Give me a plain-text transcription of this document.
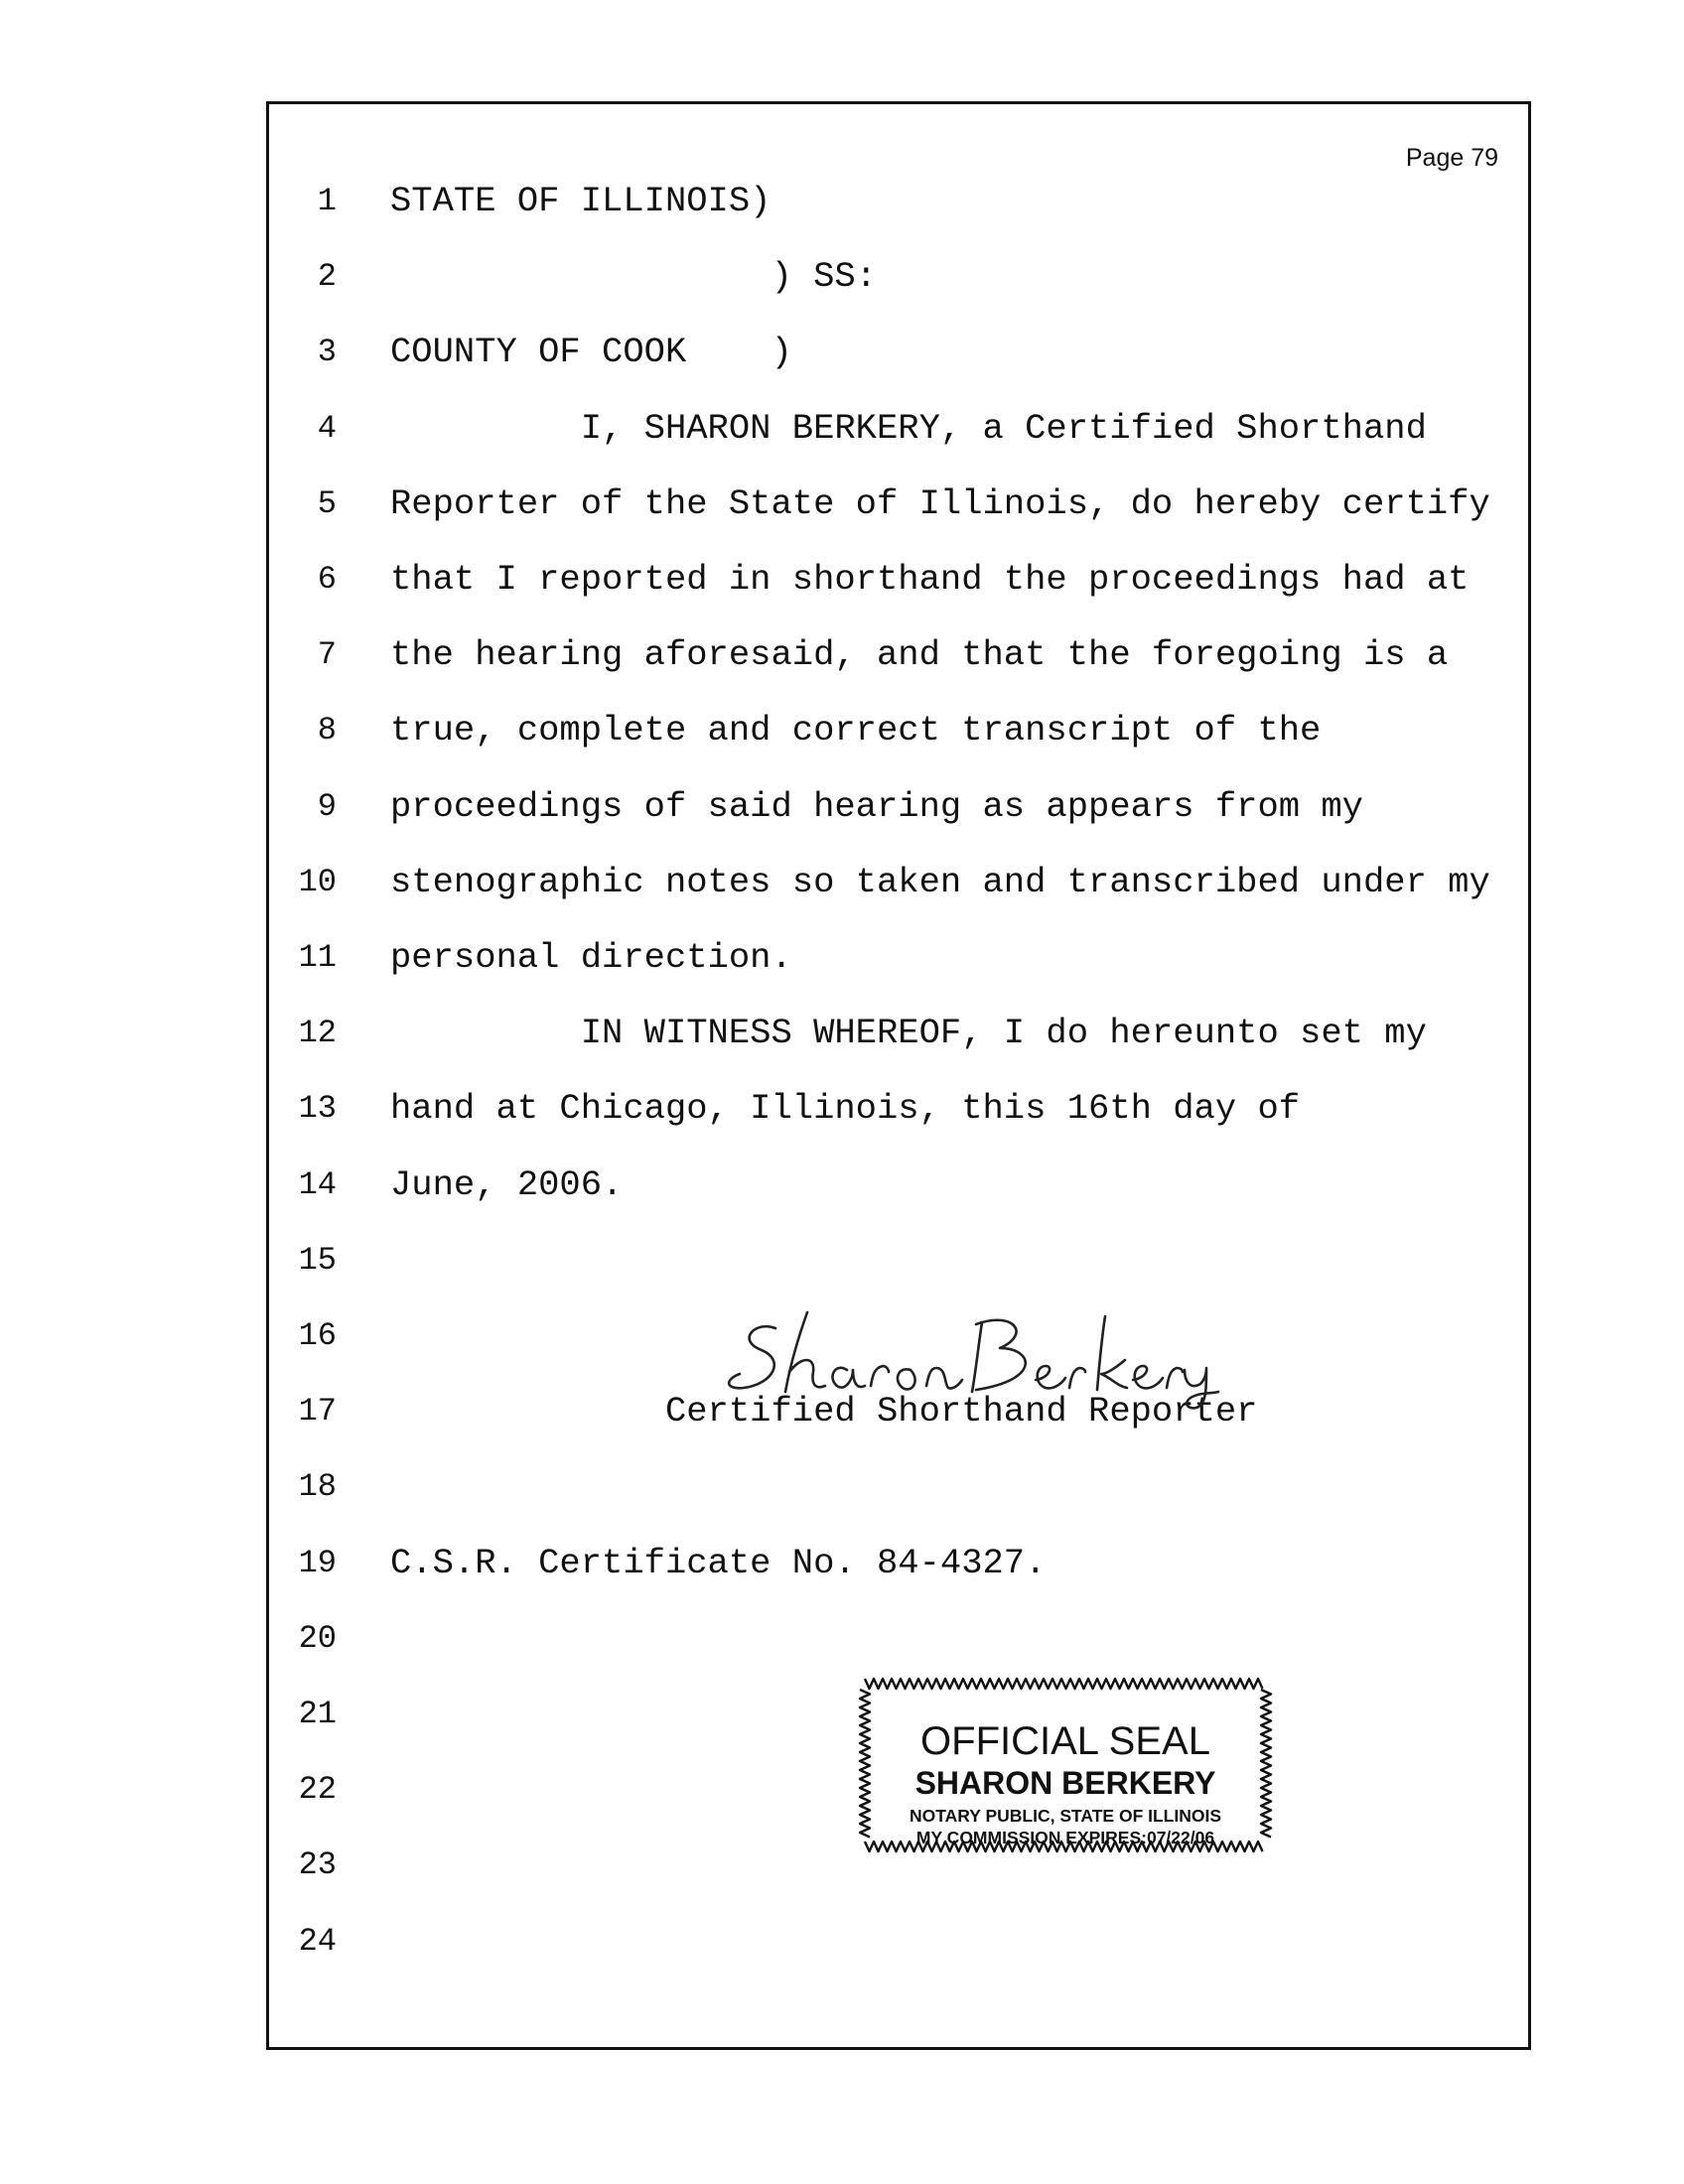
Page 79
1 STATE OF ILLINOIS)
2 ) SS:
3 COUNTY OF COOK    )
4 I, SHARON BERKERY, a Certified Shorthand
5 Reporter of the State of Illinois, do hereby certify
6 that I reported in shorthand the proceedings had at
7 the hearing aforesaid, and that the foregoing is a
8 true, complete and correct transcript of the
9 proceedings of said hearing as appears from my
10 stenographic notes so taken and transcribed under my
11 personal direction.
12 IN WITNESS WHEREOF, I do hereunto set my
13 hand at Chicago, Illinois, this 16th day of
14 June, 2006.
15
16
17 Certified Shorthand Reporter
18
19 C.S.R. Certificate No. 84-4327.
20
21
22
23
24
OFFICIAL SEAL
SHARON BERKERY
NOTARY PUBLIC, STATE OF ILLINOIS
MY COMMISSION EXPIRES:07/22/06
